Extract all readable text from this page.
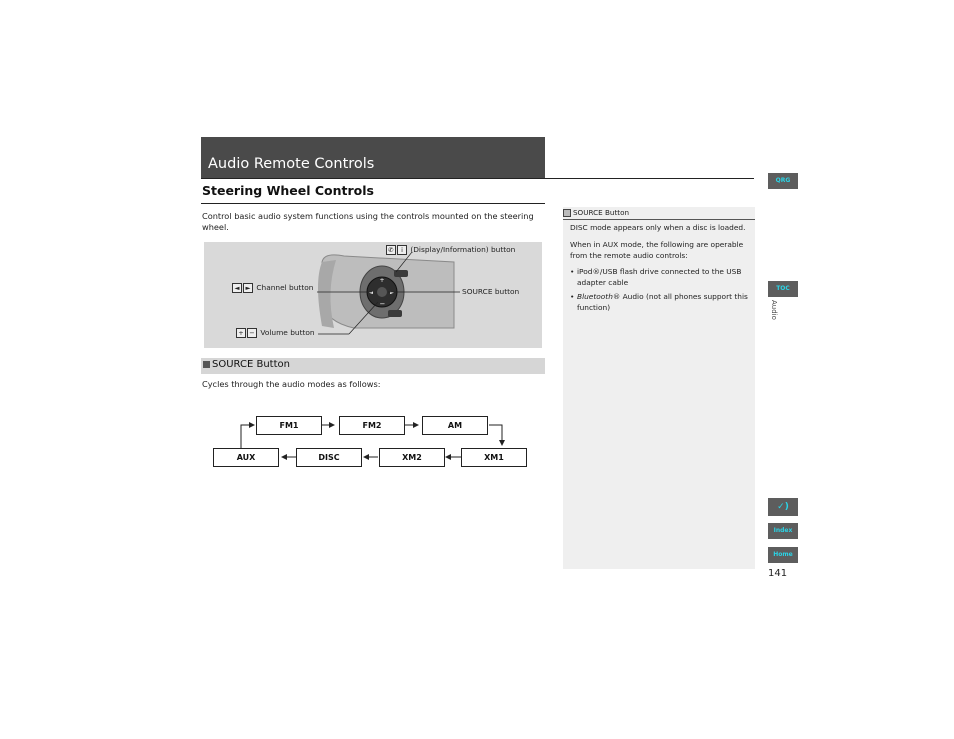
Audio Remote Controls
Steering Wheel Controls
Control basic audio system functions using the controls mounted on the steering wheel.
+
−
◄	►
✆ i (Display/Information) button
◄ ► Channel button	SOURCE button
+ − Volume button
SOURCE Button
Cycles through the audio modes as follows:
FM1	FM2	AM
AUX	DISC	XM2	XM1
SOURCE Button
DISC mode appears only when a disc is loaded.
When in AUX mode, the following are operable from the remote audio controls:
• iPod®/USB flash drive connected to the USB adapter cable
• Bluetooth® Audio (not all phones support this function)
QRG
TOC
Audio
✓)
Index
Home
141
